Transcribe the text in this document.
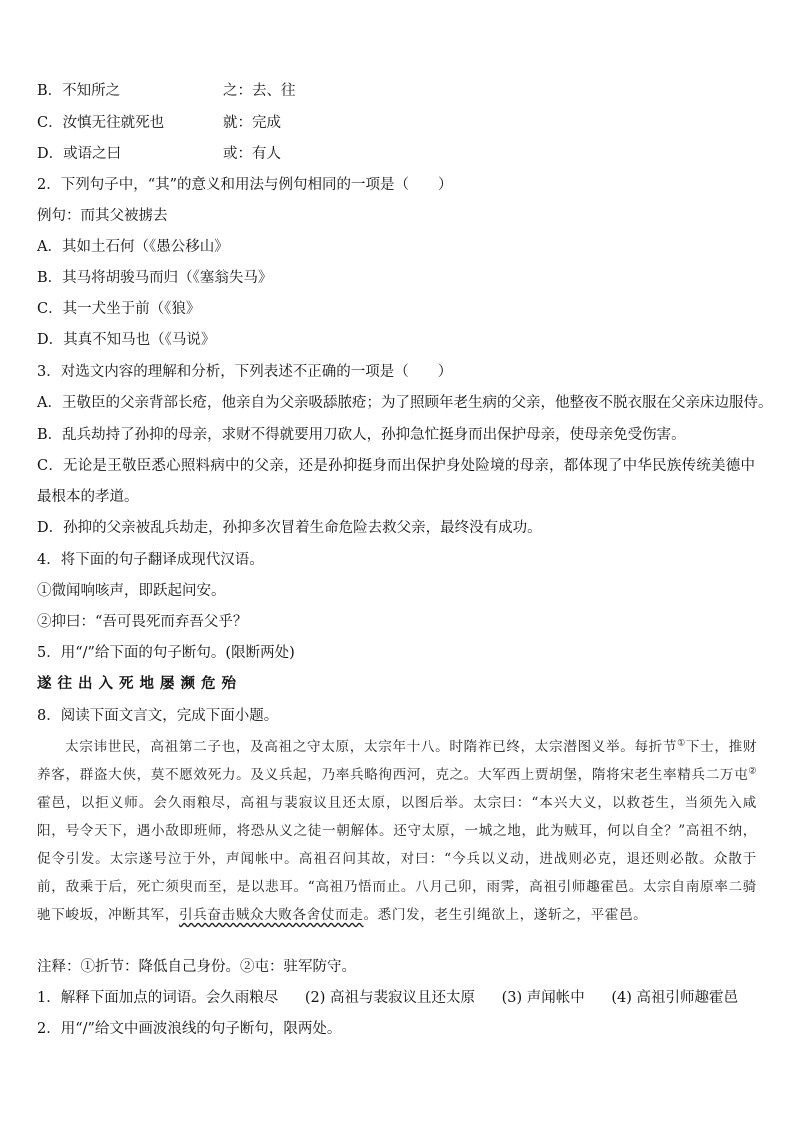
B．不知所之	之：去、往
C．汝慎无往就死也	就：完成
D．或语之曰	或：有人
2．下列句子中，“其”的意义和用法与例句相同的一项是（　　）
例句：而其父被掳去
A．其如土石何（《愚公移山》
B．其马将胡骏马而归（《塞翁失马》
C．其一犬坐于前（《狼》
D．其真不知马也（《马说》
3．对选文内容的理解和分析，下列表述不正确的一项是（　　）
A．王敬臣的父亲背部长疮，他亲自为父亲吸舔脓疮；为了照顾年老生病的父亲，他整夜不脱衣服在父亲床边服侍。
B．乱兵劫持了孙抑的母亲，求财不得就要用刀砍人，孙抑急忙挺身而出保护母亲，使母亲免受伤害。
C．无论是王敬臣悉心照料病中的父亲，还是孙抑挺身而出保护身处险境的母亲，都体现了中华民族传统美德中最根本的孝道。
D．孙抑的父亲被乱兵劫走，孙抑多次冒着生命危险去救父亲，最终没有成功。
4．将下面的句子翻译成现代汉语。
①微闻响咳声，即跃起问安。
②抑曰：“吾可畏死而弃吾父乎？
5．用“/”给下面的句子断句。(限断两处)
遂往出入死地屡濒危殆
8．阅读下面文言文，完成下面小题。

太宗讳世民，高祖第二子也，及高祖之守太原，太宗年十八。时隋祚已终，太宗潜图义举。每折节①下士，推财养客，群盗大侠，莫不愿效死力。及义兵起，乃率兵略徇西河，克之。大军西上贾胡堡，隋将宋老生率精兵二万屯②霍邑，以拒义师。会久雨粮尽，高祖与裴寂议且还太原，以图后举。太宗曰：“本兴大义，以救苍生，当须先入咸阳，号令天下，遇小敌即班师，将恐从义之徒一朝解体。还守太原，一城之地，此为贼耳，何以自全？”高祖不纳，促令引发。太宗遂号泣于外，声闻帐中。高祖召问其故，对曰：“今兵以义动，进战则必克，退还则必散。众散于前，敌乘于后，死亡须臾而至，是以悲耳。“高祖乃悟而止。八月己卯，雨霁，高祖引师趣霍邑。太宗自南原率二骑驰下峻坂，冲断其军，引兵奋击贼众大败各舍仗而走。悉门发，老生引绳欲上，遂斩之，平霍邑。

注释：①折节：降低自己身份。②屯：驻军防守。
1．解释下面加点的词语。会久雨粮尽 (2) 高祖与裴寂议且还太原 (3) 声闻帐中 (4) 高祖引师趣霍邑
2．用“/”给文中画波浪线的句子断句，限两处。
